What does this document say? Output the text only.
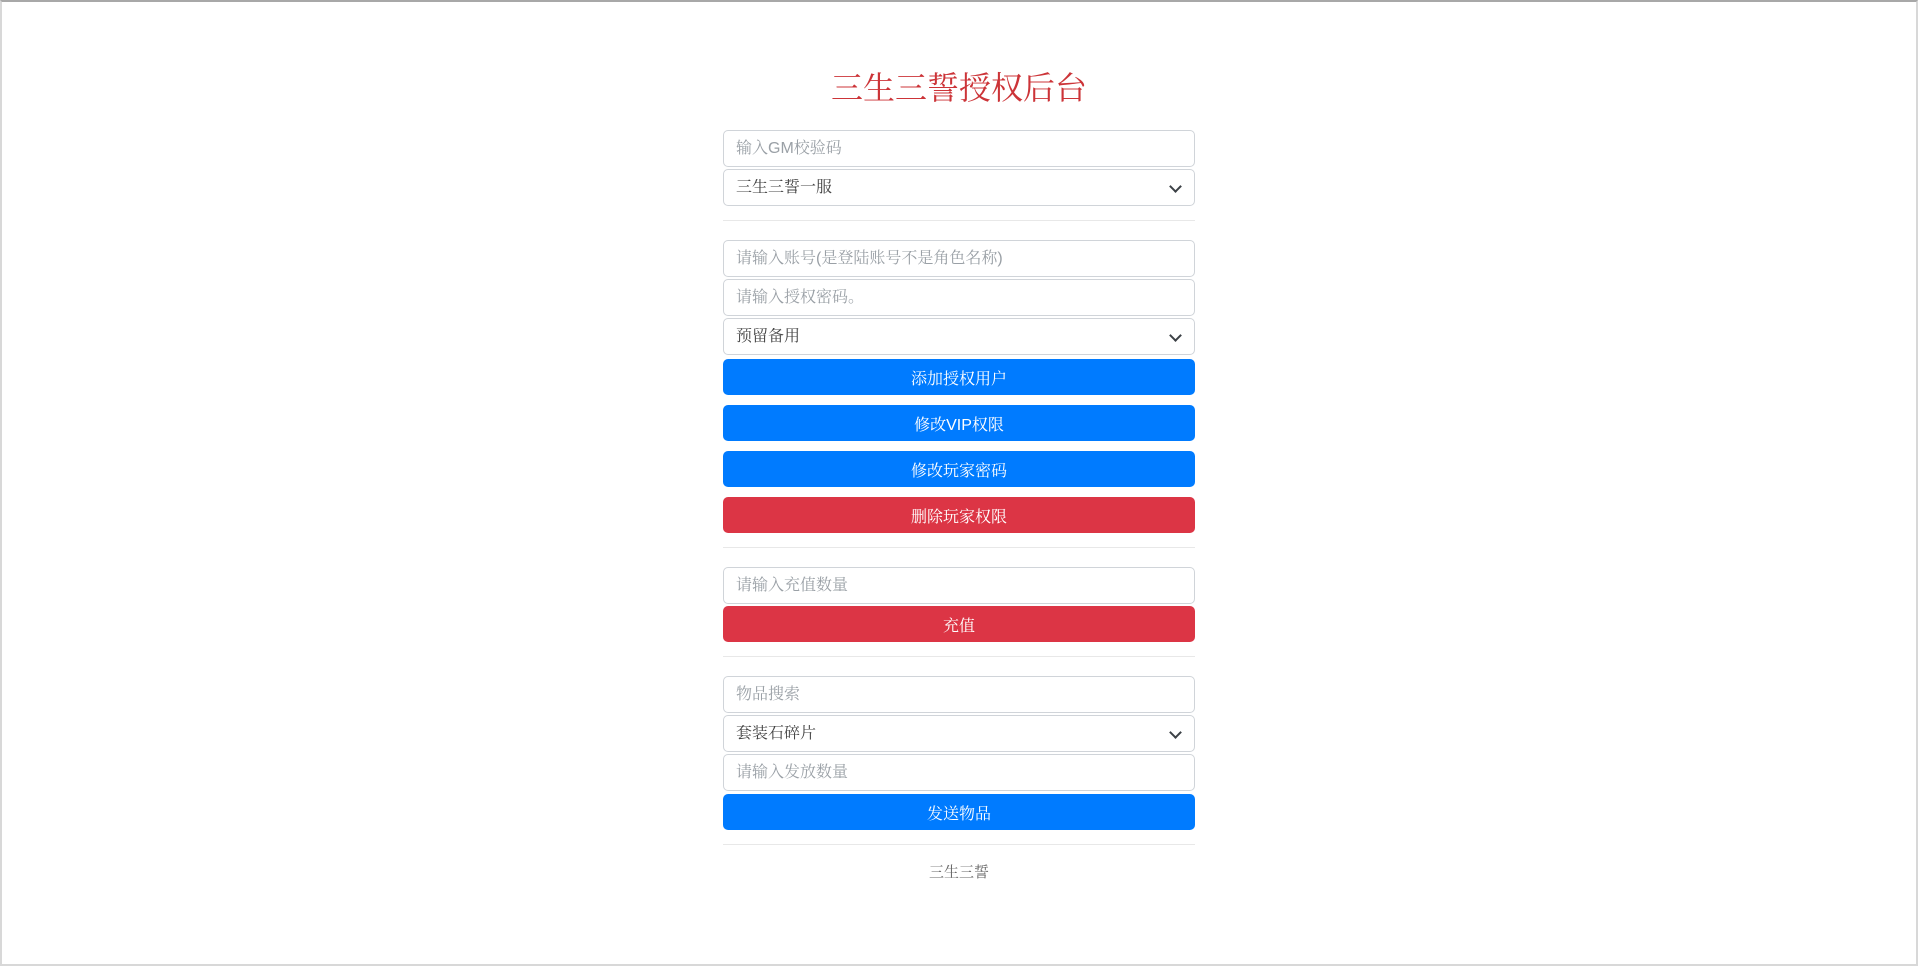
三生三誓授权后台
输入GM校验码
三生三誓一服
请输入账号(是登陆账号不是角色名称)
请输入授权密码。
预留备用
添加授权用户
修改VIP权限
修改玩家密码
删除玩家权限
请输入充值数量
充值
物品搜索
套装石碎片
请输入发放数量
发送物品

三生三誓
